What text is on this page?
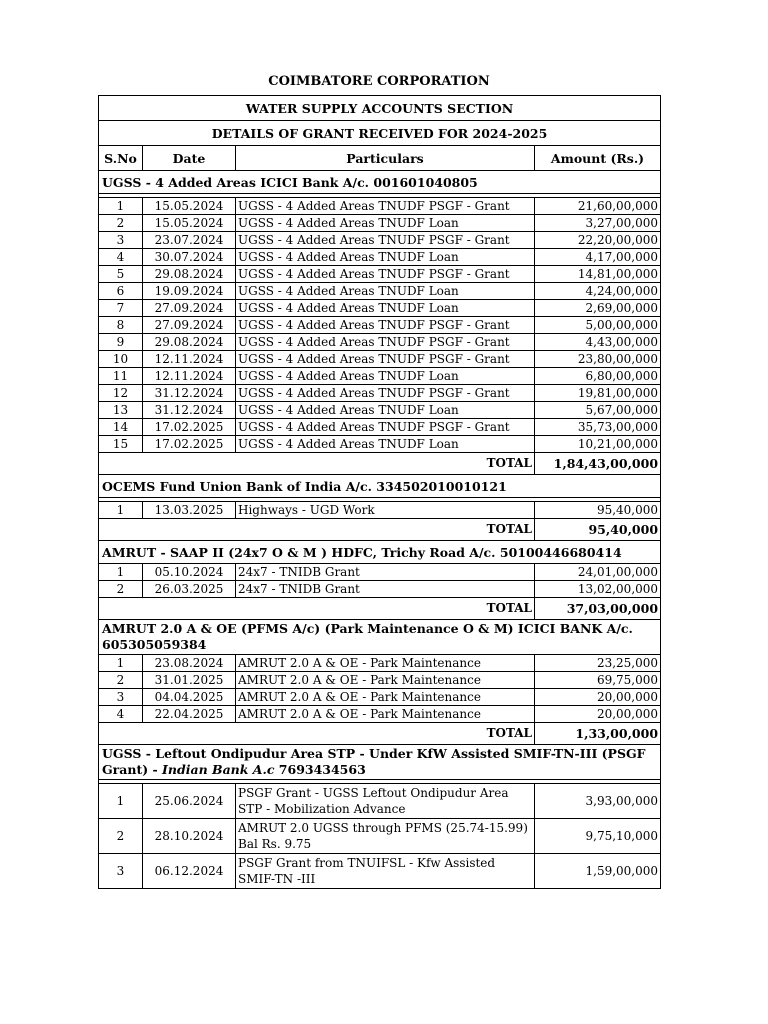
COIMBATORE CORPORATION
WATER SUPPLY ACCOUNTS SECTION			
DETAILS OF GRANT RECEIVED FOR 2024-2025			
S.No	Date	Particulars	Amount (Rs.)
UGSS - 4 Added Areas ICICI Bank A/c. 001601040805			

1	15.05.2024	UGSS - 4 Added Areas TNUDF PSGF - Grant	21,60,00,000
2	15.05.2024	UGSS - 4 Added Areas TNUDF Loan	3,27,00,000
3	23.07.2024	UGSS - 4 Added Areas TNUDF PSGF - Grant	22,20,00,000
4	30.07.2024	UGSS - 4 Added Areas TNUDF Loan	4,17,00,000
5	29.08.2024	UGSS - 4 Added Areas TNUDF PSGF - Grant	14,81,00,000
6	19.09.2024	UGSS - 4 Added Areas TNUDF Loan	4,24,00,000
7	27.09.2024	UGSS - 4 Added Areas TNUDF Loan	2,69,00,000
8	27.09.2024	UGSS - 4 Added Areas TNUDF PSGF - Grant	5,00,00,000
9	29.08.2024	UGSS - 4 Added Areas TNUDF PSGF - Grant	4,43,00,000
10	12.11.2024	UGSS - 4 Added Areas TNUDF PSGF - Grant	23,80,00,000
11	12.11.2024	UGSS - 4 Added Areas TNUDF Loan	6,80,00,000
12	31.12.2024	UGSS - 4 Added Areas TNUDF PSGF - Grant	19,81,00,000
13	31.12.2024	UGSS - 4 Added Areas TNUDF Loan	5,67,00,000
14	17.02.2025	UGSS - 4 Added Areas TNUDF PSGF - Grant	35,73,00,000
15	17.02.2025	UGSS - 4 Added Areas TNUDF Loan	10,21,00,000
TOTAL			1,84,43,00,000
OCEMS Fund Union Bank of India A/c. 334502010010121			

1	13.03.2025	Highways - UGD Work	95,40,000
TOTAL			95,40,000
AMRUT - SAAP II (24x7 O & M ) HDFC, Trichy Road A/c. 50100446680414			
1	05.10.2024	24x7 - TNIDB Grant	24,01,00,000
2	26.03.2025	24x7 - TNIDB Grant	13,02,00,000
TOTAL			37,03,00,000
AMRUT 2.0 A & OE (PFMS A/c) (Park Maintenance O & M) ICICI BANK A/c. 605305059384			
1	23.08.2024	AMRUT 2.0 A & OE - Park Maintenance	23,25,000
2	31.01.2025	AMRUT 2.0 A & OE - Park Maintenance	69,75,000
3	04.04.2025	AMRUT 2.0 A & OE - Park Maintenance	20,00,000
4	22.04.2025	AMRUT 2.0 A & OE - Park Maintenance	20,00,000
TOTAL			1,33,00,000
UGSS - Leftout Ondipudur Area STP - Under KfW Assisted SMIF-TN-III (PSGF Grant) - Indian Bank A.c 7693434563			

1	25.06.2024	PSGF Grant - UGSS Leftout Ondipudur Area STP - Mobilization Advance	3,93,00,000
2	28.10.2024	AMRUT 2.0 UGSS through PFMS (25.74-15.99) Bal Rs. 9.75	9,75,10,000
3	06.12.2024	PSGF Grant from TNUIFSL - Kfw Assisted SMIF-TN -III	1,59,00,000
